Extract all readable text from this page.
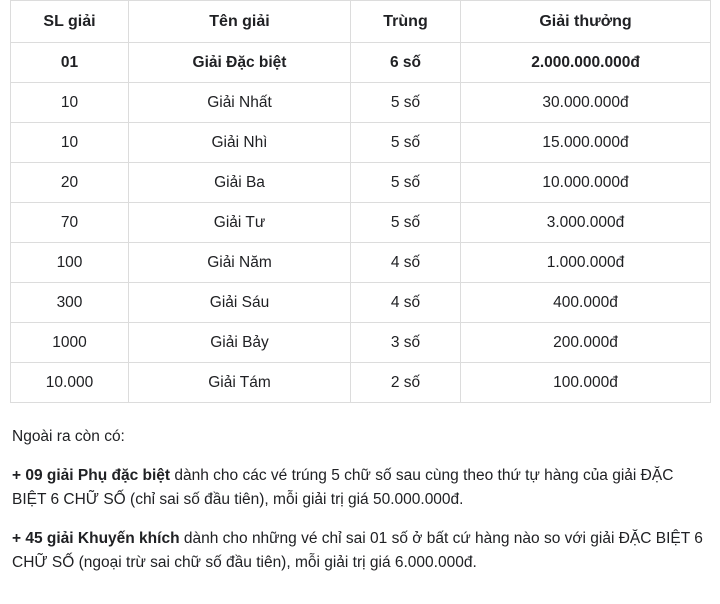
SL giải	Tên giải	Trùng	Giải thưởng
01	Giải Đặc biệt	6 số	2.000.000.000đ
10	Giải Nhất	5 số	30.000.000đ
10	Giải Nhì	5 số	15.000.000đ
20	Giải Ba	5 số	10.000.000đ
70	Giải Tư	5 số	3.000.000đ
100	Giải Năm	4 số	1.000.000đ
300	Giải Sáu	4 số	400.000đ
1000	Giải Bảy	3 số	200.000đ
10.000	Giải Tám	2 số	100.000đ

Ngoài ra còn có:

+ 09 giải Phụ đặc biệt dành cho các vé trúng 5 chữ số sau cùng theo thứ tự hàng của giải ĐẶC BIỆT 6 CHỮ SỐ (chỉ sai số đầu tiên), mỗi giải trị giá 50.000.000đ.

+ 45 giải Khuyến khích dành cho những vé chỉ sai 01 số ở bất cứ hàng nào so với giải ĐẶC BIỆT 6 CHỮ SỐ (ngoại trừ sai chữ số đầu tiên), mỗi giải trị giá 6.000.000đ.
